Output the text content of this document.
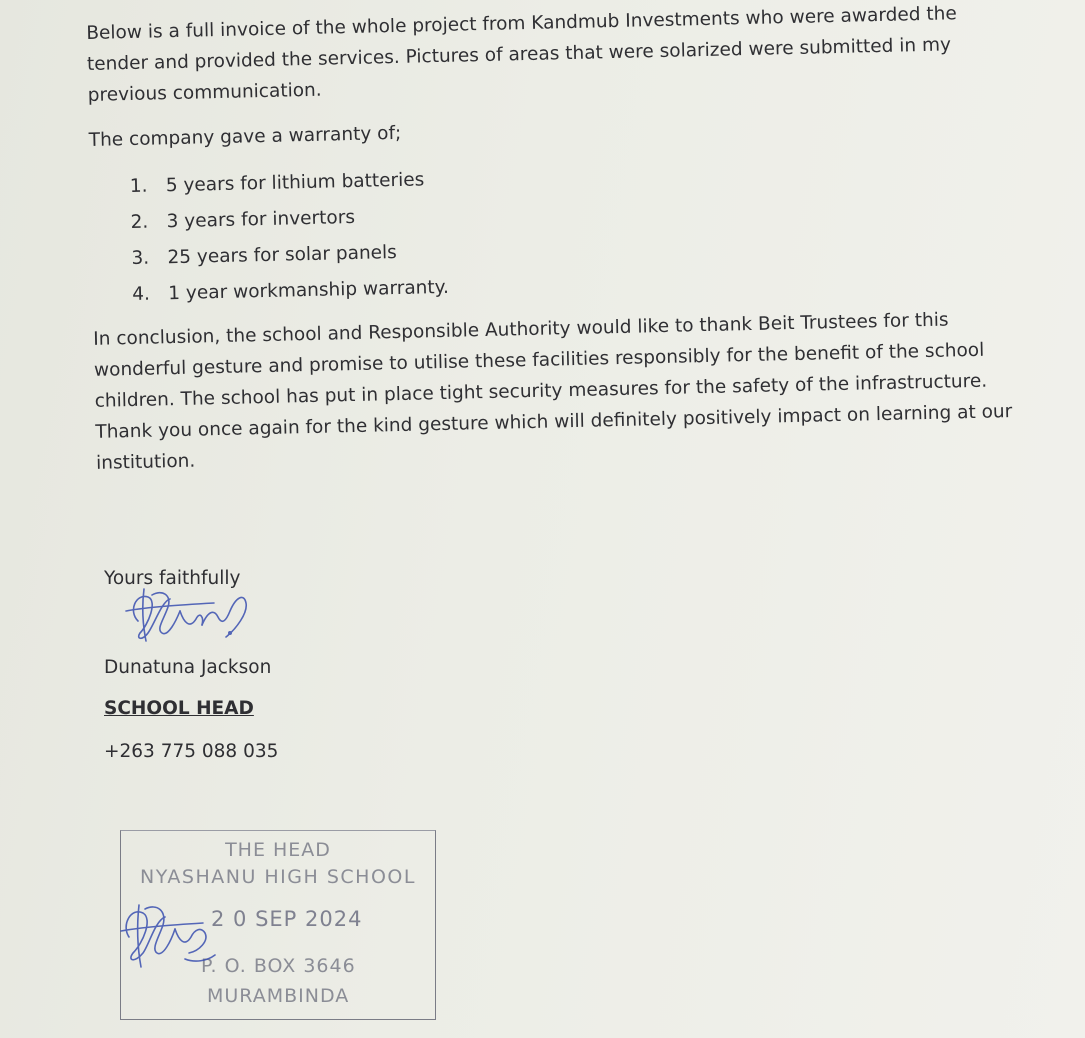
Below is a full invoice of the whole project from Kandmub Investments who were awarded the tender and provided the services. Pictures of areas that were solarized were submitted in my previous communication.

The company gave a warranty of;

1. 5 years for lithium batteries
2. 3 years for invertors
3. 25 years for solar panels
4. 1 year workmanship warranty.

In conclusion, the school and Responsible Authority would like to thank Beit Trustees for this wonderful gesture and promise to utilise these facilities responsibly for the benefit of the school children. The school has put in place tight security measures for the safety of the infrastructure. Thank you once again for the kind gesture which will definitely positively impact on learning at our institution.

Yours faithfully
Dunatuna Jackson
SCHOOL HEAD
+263 775 088 035
THE HEAD
NYASHANU HIGH SCHOOL
2 0 SEP 2024
P. O. BOX 3646
MURAMBINDA
